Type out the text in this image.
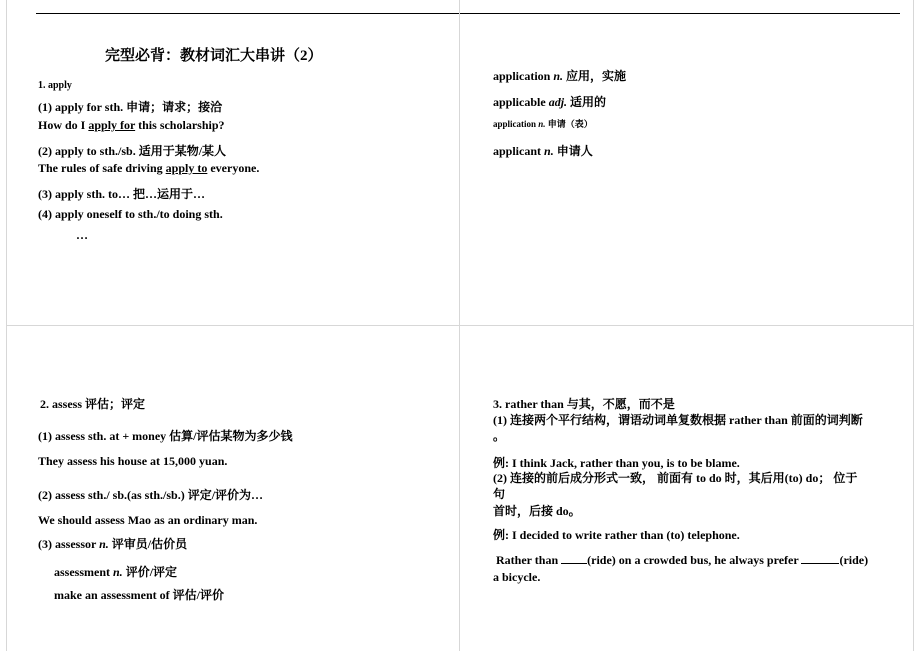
完型必背：教材词汇大串讲（2）
1. apply
(1) apply for sth. 申请；请求；接洽
How do I apply for this scholarship?
(2) apply to sth./sb. 适用于某物/某人
The rules of safe driving apply to everyone.
(3) apply sth. to… 把…运用于…
(4) apply oneself to sth./to doing sth.
…
application n. 应用，实施
applicable adj. 适用的
application n. 申请（表）
applicant n. 申请人
2. assess 评估；评定
(1) assess sth. at + money 估算/评估某物为多少钱
They assess his house at 15,000 yuan.
(2) assess sth./ sb.(as sth./sb.) 评定/评价为…
We should assess Mao as an ordinary man.
(3) assessor n. 评审员/估价员
assessment n. 评价/评定
make an assessment of 评估/评价
3. rather than 与其，不愿，而不是
(1) 连接两个平行结构，谓语动词单复数根据 rather than 前面的词判断
。
例: I think Jack, rather than you, is to be blame.
(2) 连接的前后成分形式一致， 前面有 to do 时，其后用(to) do； 位于
句
首时，后接 do。
例: I decided to write rather than (to) telephone.
Rather than (ride) on a crowded bus, he always prefer	(ride)
a bicycle.
